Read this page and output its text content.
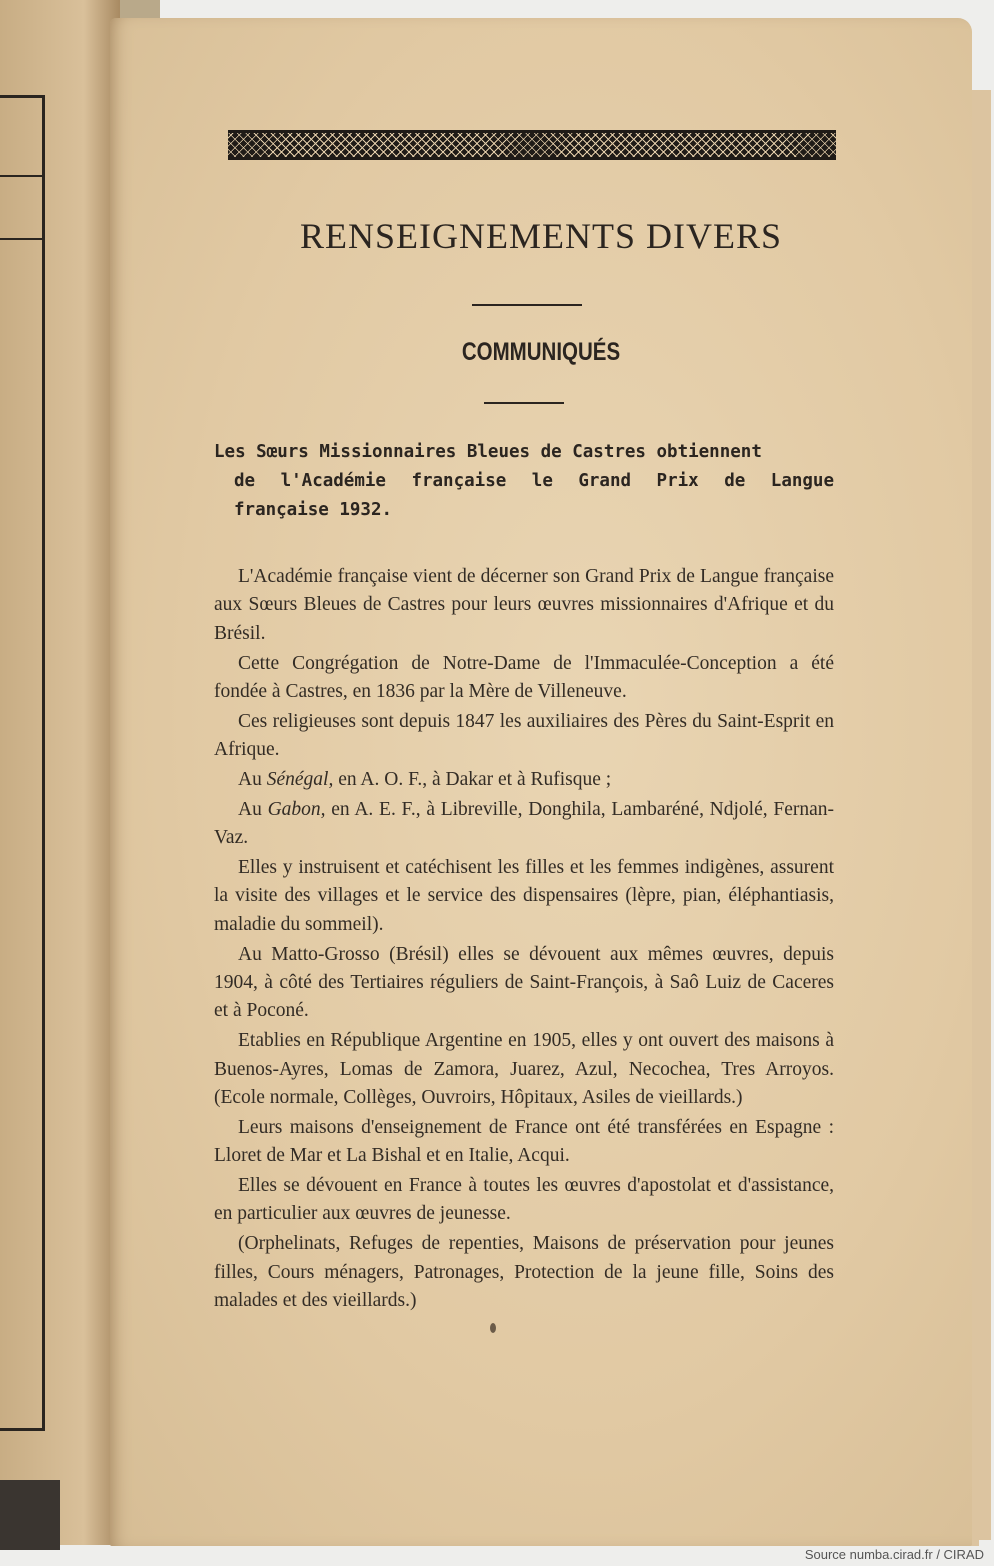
RENSEIGNEMENTS DIVERS
COMMUNIQUÉS

Les Sœurs Missionnaires Bleues de Castres obtiennent
de l'Académie française le Grand Prix de Langue française 1932.

L'Académie française vient de décerner son Grand Prix de Langue française aux Sœurs Bleues de Castres pour leurs œuvres missionnaires d'Afrique et du Brésil.

Cette Congrégation de Notre-Dame de l'Immaculée-Conception a été fondée à Castres, en 1836 par la Mère de Villeneuve.

Ces religieuses sont depuis 1847 les auxiliaires des Pères du Saint-Esprit en Afrique.

Au Sénégal, en A. O. F., à Dakar et à Rufisque ;

Au Gabon, en A. E. F., à Libreville, Donghila, Lambaréné, Ndjolé, Fernan-Vaz.

Elles y instruisent et catéchisent les filles et les femmes indigènes, assurent la visite des villages et le service des dispensaires (lèpre, pian, éléphantiasis, maladie du sommeil).

Au Matto-Grosso (Brésil) elles se dévouent aux mêmes œuvres, depuis 1904, à côté des Tertiaires réguliers de Saint-François, à Saô Luiz de Caceres et à Poconé.

Etablies en République Argentine en 1905, elles y ont ouvert des maisons à Buenos-Ayres, Lomas de Zamora, Juarez, Azul, Necochea, Tres Arroyos. (Ecole normale, Collèges, Ouvroirs, Hôpitaux, Asiles de vieillards.)

Leurs maisons d'enseignement de France ont été transférées en Espagne : Lloret de Mar et La Bishal et en Italie, Acqui.

Elles se dévouent en France à toutes les œuvres d'apostolat et d'assistance, en particulier aux œuvres de jeunesse.

(Orphelinats, Refuges de repenties, Maisons de préservation pour jeunes filles, Cours ménagers, Patronages, Protection de la jeune fille, Soins des malades et des vieillards.)

Source numba.cirad.fr / CIRAD
